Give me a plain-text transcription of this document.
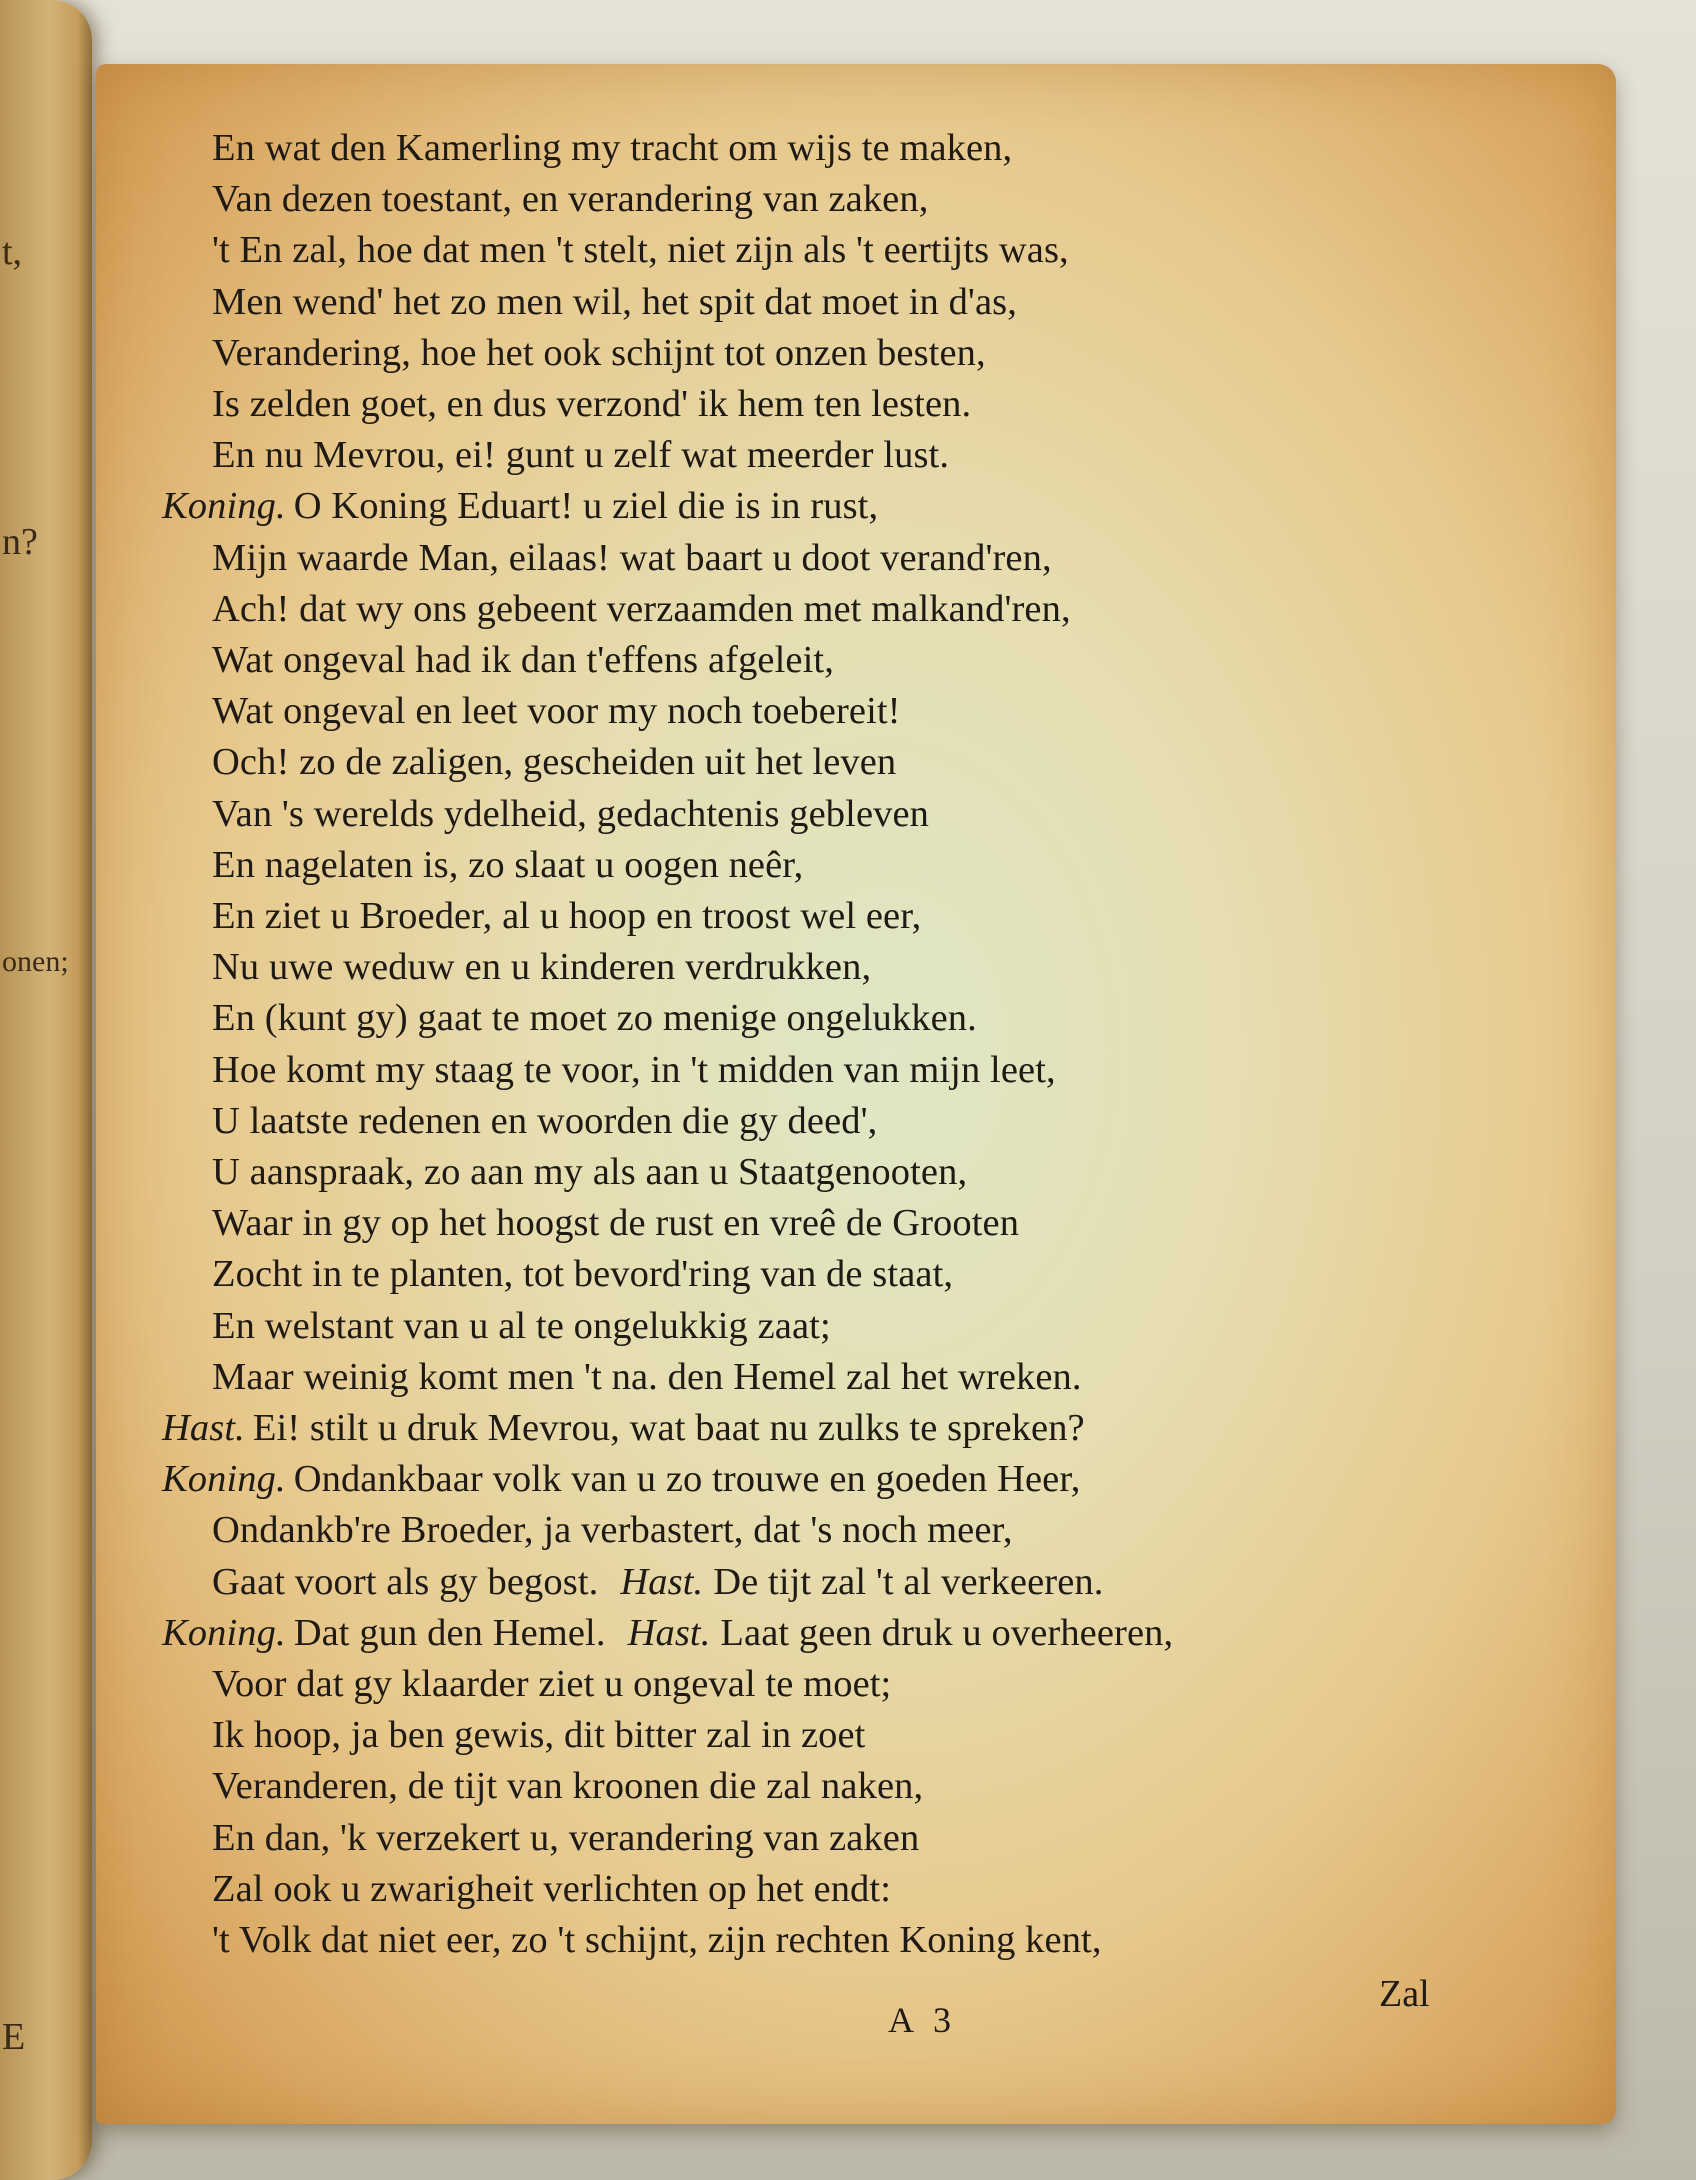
t,
n?
onen;
E
En wat den Kamerling my tracht om wijs te maken,
Van dezen toestant, en verandering van zaken,
't En zal, hoe dat men 't stelt, niet zijn als 't eertijts was,
Men wend' het zo men wil, het spit dat moet in d'as,
Verandering, hoe het ook schijnt tot onzen besten,
Is zelden goet, en dus verzond' ik hem ten lesten.
En nu Mevrou, ei! gunt u zelf wat meerder lust.
Koning. O Koning Eduart! u ziel die is in rust,
Mijn waarde Man, eilaas! wat baart u doot verand'ren,
Ach! dat wy ons gebeent verzaamden met malkand'ren,
Wat ongeval had ik dan t'effens afgeleit,
Wat ongeval en leet voor my noch toebereit!
Och! zo de zaligen, gescheiden uit het leven
Van 's werelds ydelheid, gedachtenis gebleven
En nagelaten is, zo slaat u oogen neêr,
En ziet u Broeder, al u hoop en troost wel eer,
Nu uwe weduw en u kinderen verdrukken,
En (kunt gy) gaat te moet zo menige ongelukken.
Hoe komt my staag te voor, in 't midden van mijn leet,
U laatste redenen en woorden die gy deed',
U aanspraak, zo aan my als aan u Staatgenooten,
Waar in gy op het hoogst de rust en vreê de Grooten
Zocht in te planten, tot bevord'ring van de staat,
En welstant van u al te ongelukkig zaat;
Maar weinig komt men 't na. den Hemel zal het wreken.
Hast. Ei! stilt u druk Mevrou, wat baat nu zulks te spreken?
Koning. Ondankbaar volk van u zo trouwe en goeden Heer,
Ondankb're Broeder, ja verbastert, dat 's noch meer,
Gaat voort als gy begost. Hast. De tijt zal 't al verkeeren.
Koning. Dat gun den Hemel. Hast. Laat geen druk u overheeren,
Voor dat gy klaarder ziet u ongeval te moet;
Ik hoop, ja ben gewis, dit bitter zal in zoet
Veranderen, de tijt van kroonen die zal naken,
En dan, 'k verzekert u, verandering van zaken
Zal ook u zwarigheit verlichten op het endt:
't Volk dat niet eer, zo 't schijnt, zijn rechten Koning kent,
A 3
Zal
